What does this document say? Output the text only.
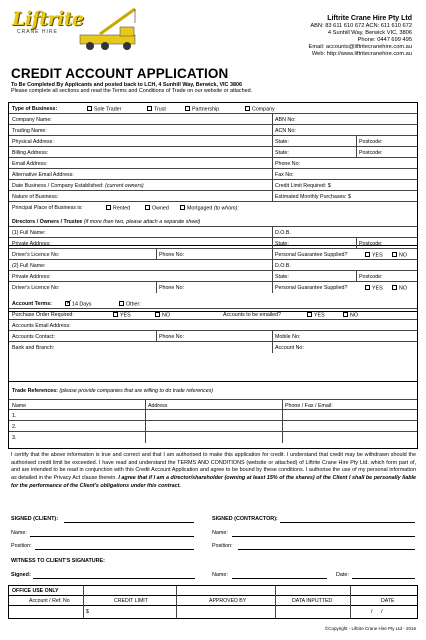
Liftrite
CRANE HIRE
Liftrite Crane Hire Pty Ltd
ABN: 83 611 610 672 ACN: 611 610 672
4 Sunhill Way, Berwick VIC, 3806
Phone: 0447 699 495
Email: accounts@liftritecranehire.com.au
Web: http://www.liftritecranehire.com.au
CREDIT ACCOUNT APPLICATION
To Be Completed By Applicants and posted back to LCH, 4 Sunhill Way, Berwick, VIC 3806
Please complete all sections and read the Terms and Conditions of Trade on our website or attached.
Type of Business:	Sole Trader	Trust	Partnership	Company
Company Name:	ABN No:
Trading Name:	ACN No:
Physical Address:	State:	Postcode:
Billing Address:	State:	Postcode:
Email Address:	Phone No:
Alternative Email Address:	Fax No:
Date Business / Company Established: (current owners)	Credit Limit Required: $
Nature of Business:	Estimated Monthly Purchases: $
Principal Place of Business is:	Rented	Owned	Mortgaged (to whom):
Directors / Owners / Trustee (if more than two, please attach a separate sheet)
(1) Full Name:	D.O.B.
Private Address:	State:	Postcode:
Driver's Licence No:	Phone No:	Personal Guarantee Supplied?	YES	NO
(2) Full Name:	D.O.B.
Private Address:	State:	Postcode:
Driver's Licence No:	Phone No:	Personal Guarantee Supplied?	YES	NO
Account Terms:
✓	14 Days	Other:
Purchase Order Required:	YES	NO	Accounts to be emailed?	YES	NO
Accounts Email Address:
Accounts Contact:	Phone No:	Mobile No:
Bank and Branch:	Account No:
Trade References: (please provide companies that are willing to do trade references)
Name	Address	Phone / Fax / Email:
1.
2.
3.
I certify that the above information is true and correct and that I am authorised to make this application for credit. I understand that credit may be withdrawn should the authorised credit limit be exceeded. I have read and understand the TERMS AND CONDITIONS (website or attached) of Liftrite Crane Hire Pty Ltd. which form part of, and are intended to be read in conjunction with this Credit Account Application and agree to be bound by these conditions. I authorise the use of my personal information as detailed in the Privacy Act clause therein. I agree that if I am a director/shareholder (owning at least 15% of the shares) of the Client I shall be personally liable for the performance of the Client's obligations under this contract.
SIGNED (CLIENT):	SIGNED (CONTRACTOR):
Name:	Name:
Position:	Position:
WITNESS TO CLIENT'S SIGNATURE:
Signed:	Name:	Date:
OFFICE USE ONLY
Account / Ref. No	CREDIT LIMIT	APPROVED BY	DATA INPUTTED	DATE
$	/      /
©Copyright - Liftrite Crane Hire Pty Ltd - 2016
